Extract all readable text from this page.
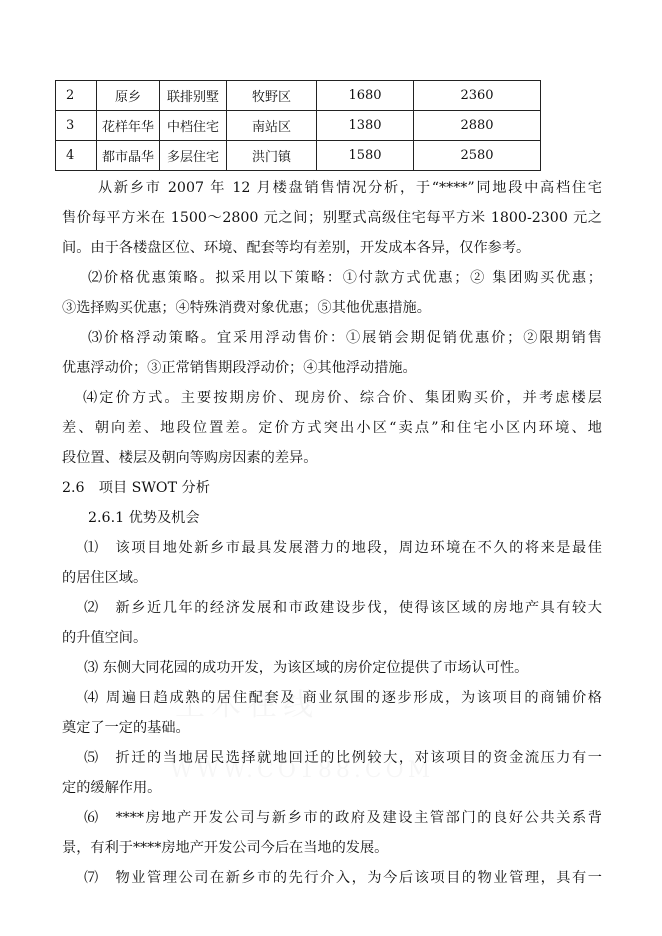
2	原乡	联排别墅	牧野区	1680	2360
3	花样年华	中档住宅	南站区	1380	2880
4	都市晶华	多层住宅	洪门镇	1580	2580
从新乡市 2007 年 12 月楼盘销售情况分析，于“****”同地段中高档住宅
售价每平方米在 1500～2800 元之间；别墅式高级住宅每平方米 1800-2300 元之
间。由于各楼盘区位、环境、配套等均有差别，开发成本各异，仅作参考。
⑵价格优惠策略。拟采用以下策略：①付款方式优惠；② 集团购买优惠；
③选择购买优惠；④特殊消费对象优惠；⑤其他优惠措施。
⑶价格浮动策略。宜采用浮动售价：①展销会期促销优惠价；②限期销售
优惠浮动价；③正常销售期段浮动价；④其他浮动措施。
⑷定价方式。主要按期房价、现房价、综合价、集团购买价，并考虑楼层
差、朝向差、地段位置差。定价方式突出小区“卖点”和住宅小区内环境、地
段位置、楼层及朝向等购房因素的差异。
2.6　项目 SWOT 分析
2.6.1 优势及机会
⑴　该项目地处新乡市最具发展潜力的地段，周边环境在不久的将来是最佳
的居住区域。
⑵　新乡近几年的经济发展和市政建设步伐，使得该区域的房地产具有较大
的升值空间。
⑶ 东侧大同花园的成功开发，为该区域的房价定位提供了市场认可性。
⑷ 周遍日趋成熟的居住配套及 商业氛围的逐步形成，为该项目的商铺价格
奠定了一定的基础。
⑸　折迁的当地居民选择就地回迁的比例较大，对该项目的资金流压力有一
定的缓解作用。
⑹　****房地产开发公司与新乡市的政府及建设主管部门的良好公共关系背
景，有利于****房地产开发公司今后在当地的发展。
⑺　物业管理公司在新乡市的先行介入，为今后该项目的物业管理，具有一
